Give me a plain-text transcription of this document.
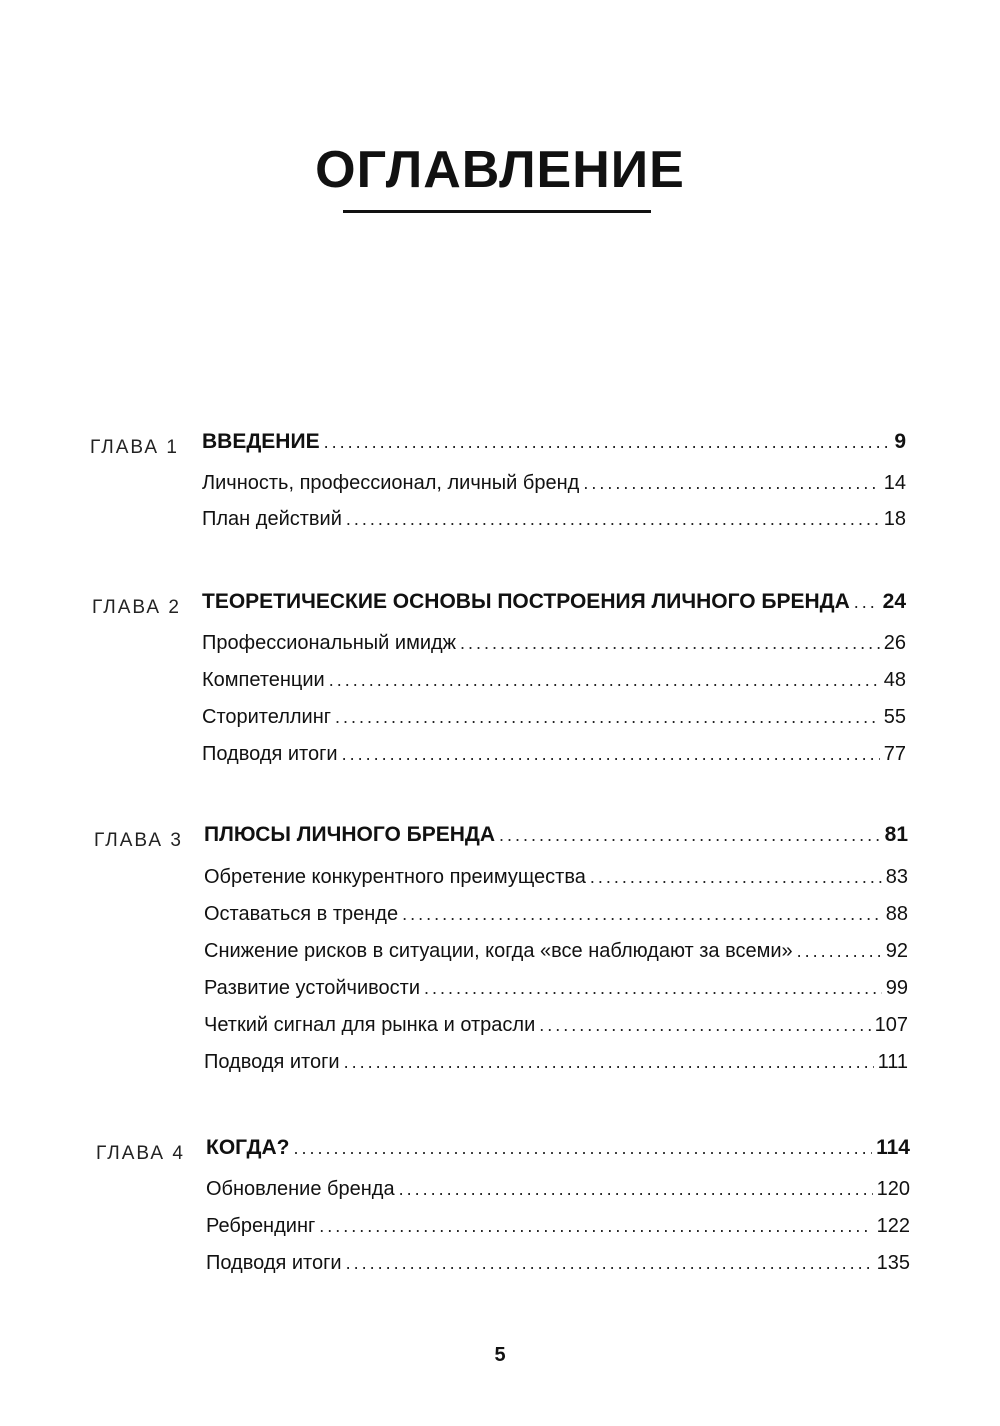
ОГЛАВЛЕНИЕ
ГЛАВА 1 ВВЕДЕНИЕ .....	9
Личность, профессионал, личный бренд .....	14
План действий .....	18
ГЛАВА 2 ТЕОРЕТИЧЕСКИЕ ОСНОВЫ ПОСТРОЕНИЯ ЛИЧНОГО БРЕНДА ..... 24
Профессиональный имидж .....	26
Компетенции .....	48
Сторителлинг .....	55
Подводя итоги .....	77
ГЛАВА 3 ПЛЮСЫ ЛИЧНОГО БРЕНДА .....	81
Обретение конкурентного преимущества .....	83
Оставаться в тренде .....	88
Снижение рисков в ситуации, когда «все наблюдают за всеми» .....	92
Развитие устойчивости .....	99
Четкий сигнал для рынка и отрасли .....	107
Подводя итоги .....	111
ГЛАВА 4 КОГДА? .....	114
Обновление бренда .....	120
Ребрендинг .....	122
Подводя итоги .....	135
5
